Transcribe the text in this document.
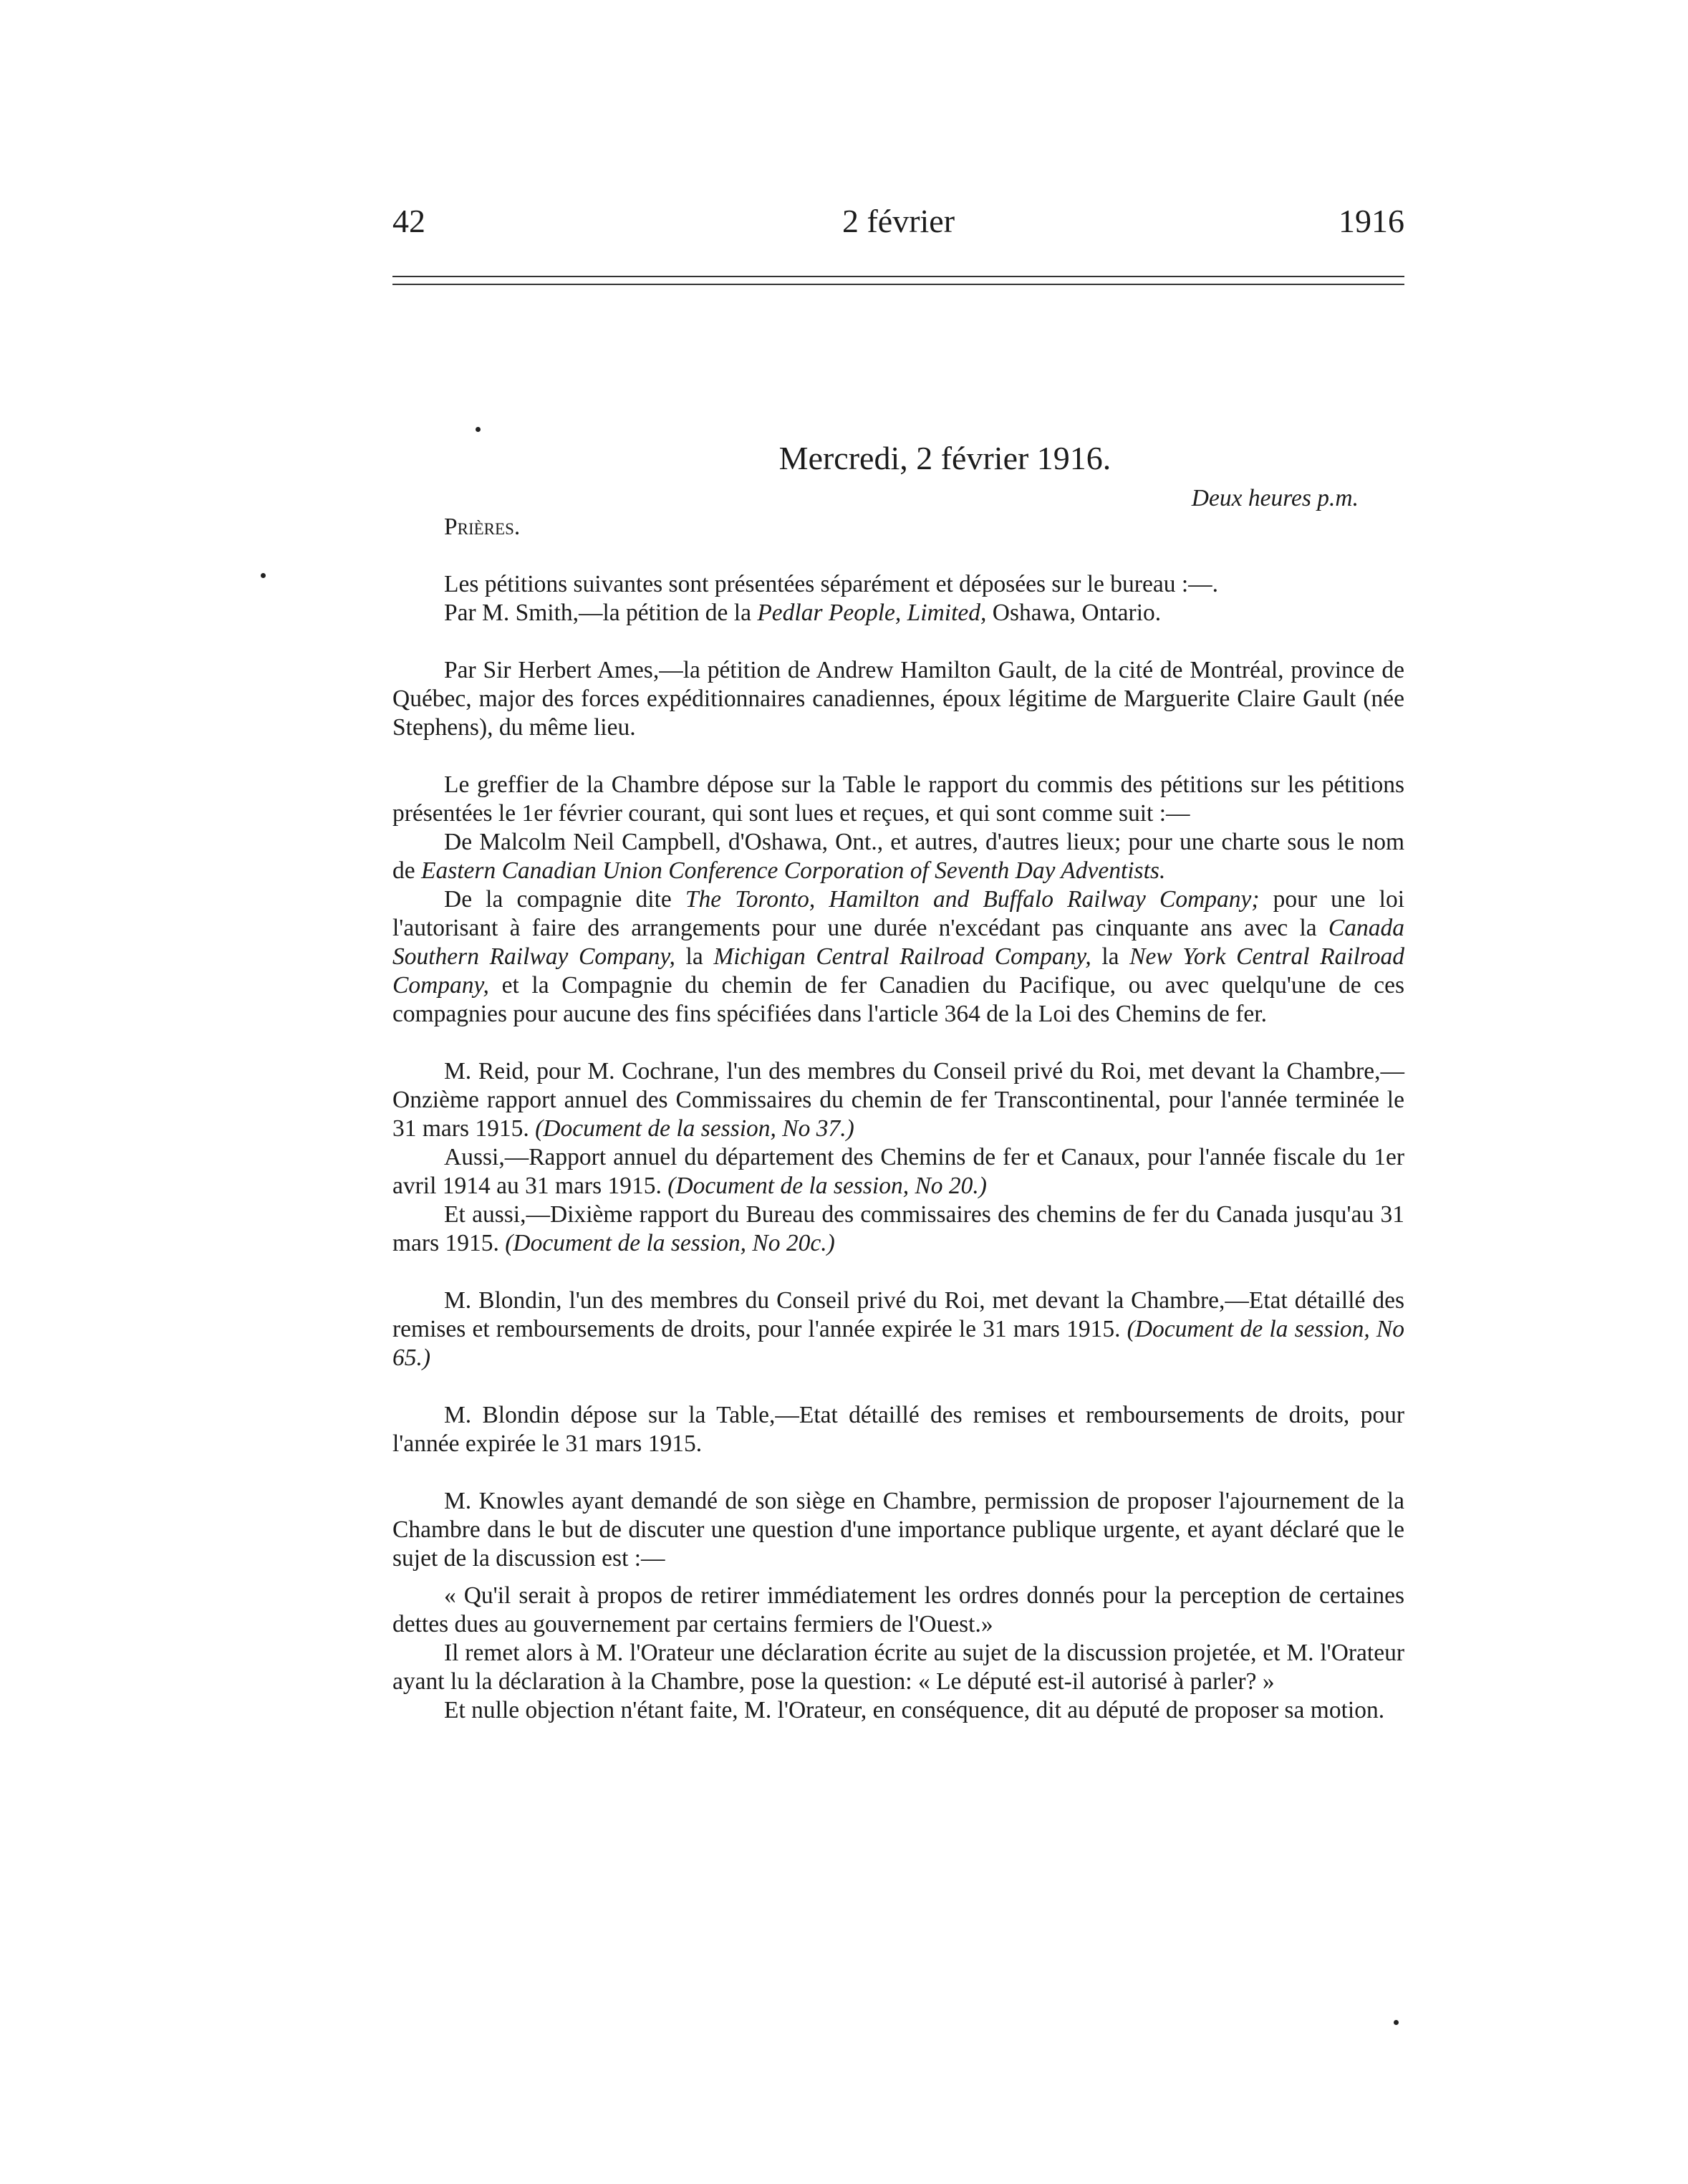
42	2 février	1916
Mercredi, 2 février 1916.
Deux heures p.m.
Prières.

Les pétitions suivantes sont présentées séparément et déposées sur le bureau :—.

Par M. Smith,—la pétition de la Pedlar People, Limited, Oshawa, Ontario.

Par Sir Herbert Ames,—la pétition de Andrew Hamilton Gault, de la cité de Montréal, province de Québec, major des forces expéditionnaires canadiennes, époux légitime de Marguerite Claire Gault (née Stephens), du même lieu.

Le greffier de la Chambre dépose sur la Table le rapport du commis des pétitions sur les pétitions présentées le 1er février courant, qui sont lues et reçues, et qui sont comme suit :—

De Malcolm Neil Campbell, d'Oshawa, Ont., et autres, d'autres lieux; pour une charte sous le nom de Eastern Canadian Union Conference Corporation of Seventh Day Adventists.

De la compagnie dite The Toronto, Hamilton and Buffalo Railway Company; pour une loi l'autorisant à faire des arrangements pour une durée n'excédant pas cinquante ans avec la Canada Southern Railway Company, la Michigan Central Railroad Company, la New York Central Railroad Company, et la Compagnie du chemin de fer Canadien du Pacifique, ou avec quelqu'une de ces compagnies pour aucune des fins spécifiées dans l'article 364 de la Loi des Chemins de fer.

M. Reid, pour M. Cochrane, l'un des membres du Conseil privé du Roi, met devant la Chambre,—Onzième rapport annuel des Commissaires du chemin de fer Transcontinental, pour l'année terminée le 31 mars 1915. (Document de la session, No 37.)

Aussi,—Rapport annuel du département des Chemins de fer et Canaux, pour l'année fiscale du 1er avril 1914 au 31 mars 1915. (Document de la session, No 20.)

Et aussi,—Dixième rapport du Bureau des commissaires des chemins de fer du Canada jusqu'au 31 mars 1915. (Document de la session, No 20c.)

M. Blondin, l'un des membres du Conseil privé du Roi, met devant la Chambre,—Etat détaillé des remises et remboursements de droits, pour l'année expirée le 31 mars 1915. (Document de la session, No 65.)

M. Blondin dépose sur la Table,—Etat détaillé des remises et remboursements de droits, pour l'année expirée le 31 mars 1915.

M. Knowles ayant demandé de son siège en Chambre, permission de proposer l'ajournement de la Chambre dans le but de discuter une question d'une importance publique urgente, et ayant déclaré que le sujet de la discussion est :—

« Qu'il serait à propos de retirer immédiatement les ordres donnés pour la perception de certaines dettes dues au gouvernement par certains fermiers de l'Ouest.»

Il remet alors à M. l'Orateur une déclaration écrite au sujet de la discussion projetée, et M. l'Orateur ayant lu la déclaration à la Chambre, pose la question: « Le député est-il autorisé à parler? »

Et nulle objection n'étant faite, M. l'Orateur, en conséquence, dit au député de proposer sa motion.
